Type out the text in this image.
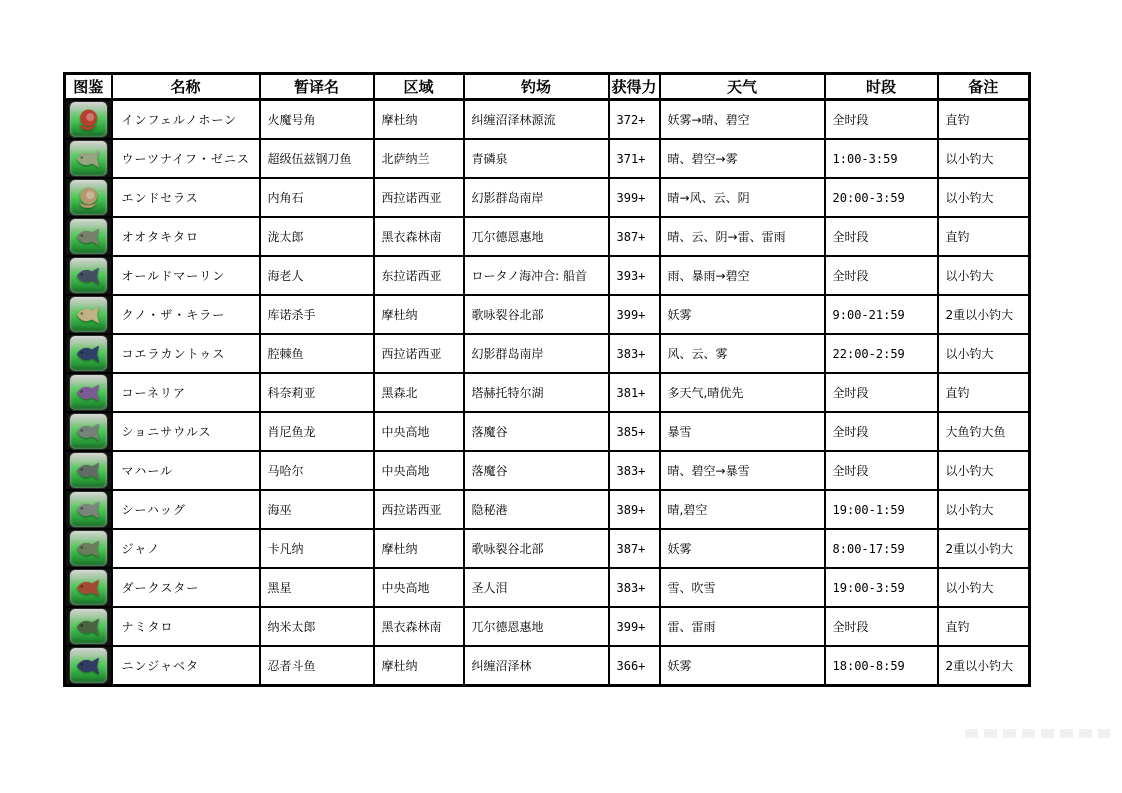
图鉴	名称	暂译名	区域	钓场	获得力	天气	时段	备注

	インフェルノホーン	火魔号角	摩杜纳	纠缠沼泽林源流	372+	妖雾→晴、碧空	全时段	直钓

	ウーツナイフ・ゼニス	超级伍兹钢刀鱼	北萨纳兰	青磷泉	371+	晴、碧空→雾	1:00-3:59	以小钓大

	エンドセラス	内角石	西拉诺西亚	幻影群岛南岸	399+	晴→风、云、阴	20:00-3:59	以小钓大

	オオタキタロ	泷太郎	黑衣森林南	兀尔德恩惠地	387+	晴、云、阴→雷、雷雨	全时段	直钓

	オールドマーリン	海老人	东拉诺西亚	ロータノ海冲合: 船首	393+	雨、暴雨→碧空	全时段	以小钓大

	クノ・ザ・キラー	库诺杀手	摩杜纳	歌咏裂谷北部	399+	妖雾	9:00-21:59	2重以小钓大

	コエラカントゥス	腔棘鱼	西拉诺西亚	幻影群岛南岸	383+	风、云、雾	22:00-2:59	以小钓大

	コーネリア	科奈莉亚	黑森北	塔赫托特尔湖	381+	多天气,晴优先	全时段	直钓

	ショニサウルス	肖尼鱼龙	中央高地	落魔谷	385+	暴雪	全时段	大鱼钓大鱼

	マハール	马哈尔	中央高地	落魔谷	383+	晴、碧空→暴雪	全时段	以小钓大

	シーハッグ	海巫	西拉诺西亚	隐秘港	389+	晴,碧空	19:00-1:59	以小钓大

	ジャノ	卡凡纳	摩杜纳	歌咏裂谷北部	387+	妖雾	8:00-17:59	2重以小钓大

	ダークスター	黑星	中央高地	圣人泪	383+	雪、吹雪	19:00-3:59	以小钓大

	ナミタロ	纳米太郎	黑衣森林南	兀尔德恩惠地	399+	雷、雷雨	全时段	直钓

	ニンジャベタ	忍者斗鱼	摩杜纳	纠缠沼泽林	366+	妖雾	18:00-8:59	2重以小钓大
